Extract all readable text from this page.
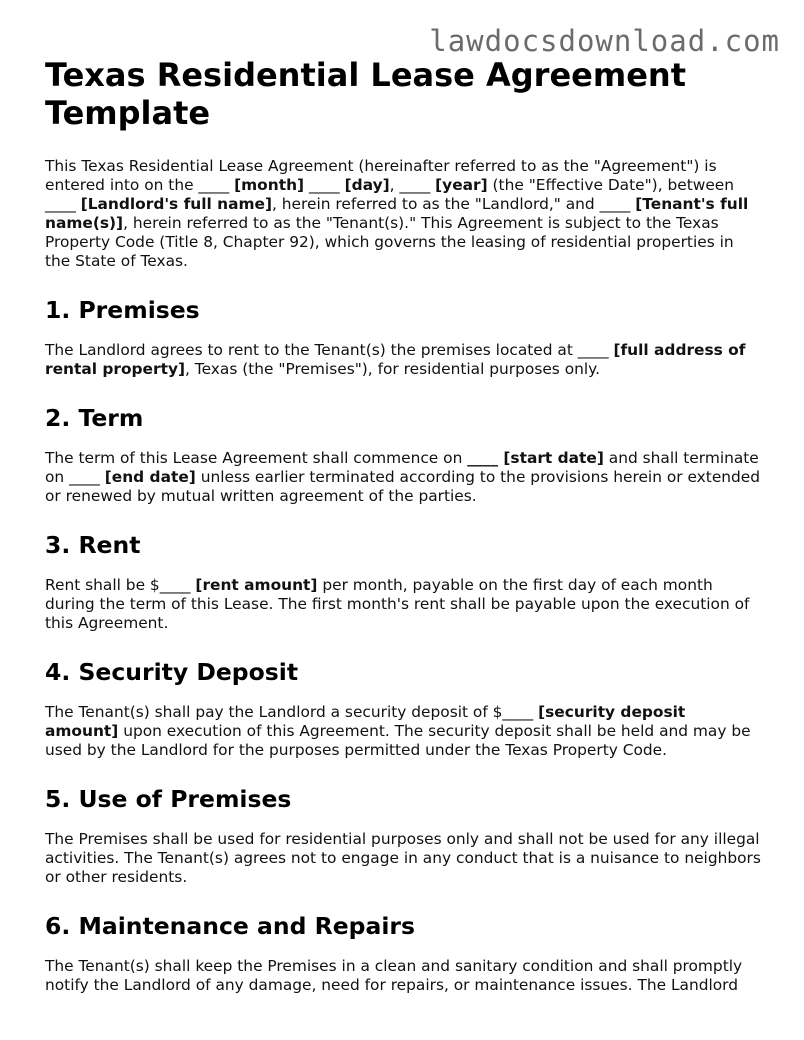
lawdocsdownload.com
Texas Residential Lease Agreement Template

This Texas Residential Lease Agreement (hereinafter referred to as the "Agreement") is entered into on the ____ [month] ____ [day], ____ [year] (the "Effective Date"), between ____ [Landlord's full name], herein referred to as the "Landlord," and ____ [Tenant's full name(s)], herein referred to as the "Tenant(s)." This Agreement is subject to the Texas Property Code (Title 8, Chapter 92), which governs the leasing of residential properties in the State of Texas.

1. Premises

The Landlord agrees to rent to the Tenant(s) the premises located at ____ [full address of rental property], Texas (the "Premises"), for residential purposes only.

2. Term

The term of this Lease Agreement shall commence on ____ [start date] and shall terminate on ____ [end date] unless earlier terminated according to the provisions herein or extended or renewed by mutual written agreement of the parties.

3. Rent

Rent shall be $____ [rent amount] per month, payable on the first day of each month during the term of this Lease. The first month's rent shall be payable upon the execution of this Agreement.

4. Security Deposit

The Tenant(s) shall pay the Landlord a security deposit of $____ [security deposit amount] upon execution of this Agreement. The security deposit shall be held and may be used by the Landlord for the purposes permitted under the Texas Property Code.

5. Use of Premises

The Premises shall be used for residential purposes only and shall not be used for any illegal activities. The Tenant(s) agrees not to engage in any conduct that is a nuisance to neighbors or other residents.

6. Maintenance and Repairs

The Tenant(s) shall keep the Premises in a clean and sanitary condition and shall promptly notify the Landlord of any damage, need for repairs, or maintenance issues. The Landlord
